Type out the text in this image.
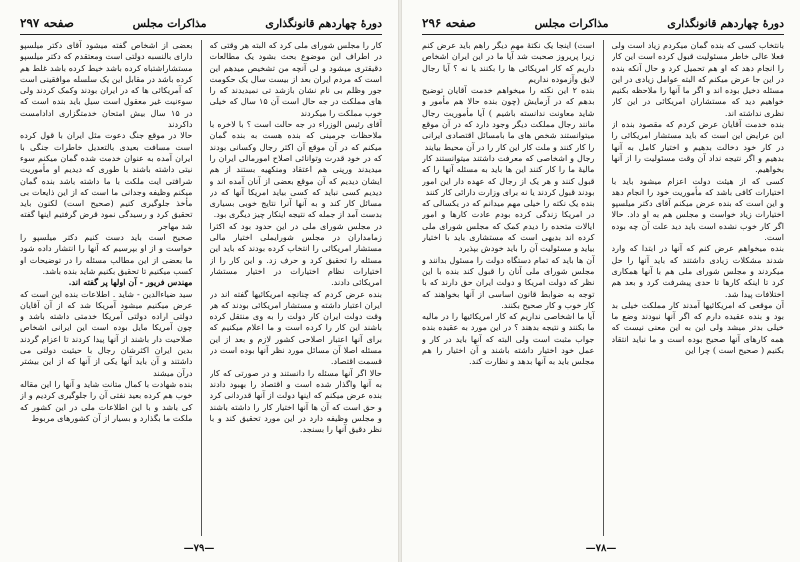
صفحه ۲۹۷	مذاکرات مجلس	دورهٔ چهاردهم قانونگذاری

کار را مجلس شورای ملی کرد که البته هر وقتی که در اطراف این موضوع بحث بشود یک مطالعات دقیقتری میشود و لی آنچه من تشخیص میدهم این است که مردم ایران بعد از بیست سال یک حکومت جور وظلم بی نام نشان بازشد تی نمیدیدند که را های مملکت در جه حال است آن ۱۵ سال که خیلی خوب مملکت را میکردند

آقای رئیس الوزراء در جه حالت است ؟ با لاخره با ملاحظات جرمینی که بنده هست به بنده گمان میکنم که در آن موقع آن اکثر رجال وکسانی بودند که در خود قدرت وتوانائی اصلاح امورمالی ایران را میدیدند ورپنی هم اعتقاد ومنکهیه بستند از هم ایشان دیدیم که آن موقع بعضی از آنان آمده اند و دیدیم کسی نباید که کسی بیاید امریکا آنها که در مسائل کار کند و به آنها آنرا نتایج خوبی بسیاری بدست آمد از جمله که نتیجه اینکار چیز دیگری بود.

در مجلس شورای ملی در این حدود بود که اکثرا زمامداران در مجلس شورایملی اختیار مالی مستشار امریکائی را انتخاب کرده بودند که باید این مسئله را تحقیق کرد و حرف زد. و این کار را از اختیارات نظام اختیارات در اختیار مستشار امریکائی دادند.

بنده عرض کردم که چنانچه امریکائیها گفته اند در ایران اعتبار داشته و مستشار امریکائی بودند که هر وقت دولت ایران کار دولت را به وی منتقل کرده باشند این کار را کرده است و ما اعلام میکنیم که برای آنها اعتبار اصلاحی کشور لازم و بعد از این مسئله اصلا آن مسائل مورد نظر آنها بوده است در قسمت اقتصاد.

حالا اگر آنها مسئله را دانستند و در صورتی که کار به آنها واگذار شده است و اقتصاد را بهبود دادند بنده عرض میکنم که اینها دولت از آنها قدردانی کرد و حق است که آن ها آنها اختیار کار را داشته باشند و مجلس وظیفه دارد در این مورد تحقیق کند و با نظر دقیق آنها را بسنجد.

بعضی از اشخاص گفته میشود آقای دکتر میلسپو دارای بالنسبه دولتی است ومعتقدم که دکتر میلسپو مستشاراشتباه کرده باشد خیط کرده باشد غلط هم کرده باشد در مقابل این یک سلسله موافقینی است که آمریکائی ها که در ایران بودند وکمک کردند ولی سوءنیت غیر معقول است سیل باید بنده است که در ۱۵ سال بیش امتحان خدمتگزاری ادادامست داکردند

حالا در موقع جنگ دعوت مثل ایران با قول کرده است مسافت بعیدی بالتعدیل خاطرات جنگی با ایران آمده به عنوان خدمت شده گمان میکنم سوء نیتی داشته باشند با طوری که دیدیم او مأموریت شرافتی ایت ملکت با ما داشته باشد بنده گمان میکنم وظیفه وجدانی ما است که از این ذایعات بی مأخذ جلوگیری کنیم (صحیح است) لکنون باید تحقیق کرد و رسیدگی نمود قرض گرفتیم اینها گفته شد مهاجر

صحیح است باید دست کنیم دکتر میلسپو را خواست و از او بپرسیم که آنها را انتشار داده شود ما بعضی از این مطالب مسئله را در توضیحات او کسب میکنیم تا تحقیق بکنیم شاید بنده باشد.

مهندس فریور - آن اولها پر گفته اند.

سید ضیاءالدین - شاید . اطلاعات بنده این است که عرض میکنیم میشود آمریکا شد که از آن آقایان دولتی اراده دولتی آمریکا خدمتی داشته باشد و چون آمریکا مایل بوده است این ایرانی اشخاص صلاحیت دار باشند از آنها پیدا کردند تا اعزام گردند بدین ایران اکثرشان رجال با حیثیت دولتی می داشتند و آن باید آنها یکی از آنها که از این بیشتر درآن میشند

بنده شهادت با کمال متانت شاید و آنها را این مقاله خوب هم کرده بعید نفتی آن را جلوگیری کردیم و از کی باشد و با این اطلاعات ملی در این کشور که ملکت ما بگذارد و بسیار از آن کشورهای مربوط

—۷۹—
صفحه ۲۹۶	مذاکرات مجلس	دورهٔ چهاردهم قانونگذاری

بانتخاب کسی که بنده گمان میکردم زیاد است ولی فعلا عالی خاطر مسئولیت قبول کرده است این کار را انجام دهد که او هم تحمیل کرد و حال آنکه بنده در این جا عرض میکنم که البته عوامل زیادی در این مسئله دخیل بوده اند و اگر ما آنها را ملاحظه بکنیم خواهیم دید که مستشاران امریکائی در این کار نظری نداشته اند.

بنده خدمت آقایان عرض کردم که مقصود بنده از این عرایض این است که باید مستشار امریکائی را در کار خود دخالت بدهیم و اختیار کامل به آنها بدهیم و اگر نتیجه نداد آن وقت مسئولیت را از آنها بخواهیم.

کسی که از هیئت دولت اعزام میشود باید با اختیارات کافی باشد که مأموریت خود را انجام دهد و این است که بنده عرض میکنم آقای دکتر میلسپو اختیارات زیاد خواست و مجلس هم به او داد. حالا اگر کار خوب نشده است باید دید علت آن چه بوده است.

بنده میخواهم عرض کنم که آنها در ابتدا که وارد شدند مشکلات زیادی داشتند که باید آنها را حل میکردند و مجلس شورای ملی هم با آنها همکاری کرد تا اینکه کارها تا حدی پیشرفت کرد و بعد هم اختلافات پیدا شد.

آن موقعی که امریکائیها آمدند کار مملکت خیلی بد بود و بنده عقیده دارم که اگر آنها نبودند وضع ما خیلی بدتر میشد ولی این به این معنی نیست که همه کارهای آنها صحیح بوده است و ما نباید انتقاد بکنیم ( صحیح است ) چرا این

است) اینجا یک نکتهٔ مهم دیگر راهم باید عرض کنم زیرا پریروز صحبت شد آیا ما در این ایران اشخاص داریم که کار امریکائی ها را بکنند یا نه ؟ آیا رجال لایق وآزموده نداریم

بنده ۲ این نکته را میخواهم خدمت آقایان توضیح بدهم که در آزمایش (چون بنده حالا هم مأمور و شاید معاونت ندانسته باشیم ) آیا مأموریت رجال مانند رجال مملکت دیگر وجود دارد که در آن موقع میتوانستند شخص های ما بامسائل اقتصادی ایرانی را کار کنند و ملت کار این کار را در آن محیط بیایند

رجال و اشخاصی که معرفت داشتند میتوانستند کار مالیهٔ ما را کار کنند این ها باید به مسئله آنها را که قبول کنند و هر یک از رجال که عهده دار این امور بودند قبول کردند یا نه برای وزارت دارائی کار کنند

بنده یک نکته را خیلی مهم میدانم که در یکسالی که در امریکا زندگی کرده بودم عادت کارها و امور ایالات متحده را دیدم کمک که مجلس شورای ملی کرده اند بدیهی است که مستشاری باید با اختیار بیاید و مسئولیت آن را باید خودش بپذیرد

آن ها باید که تمام دستگاه دولت را مسئول بدانند و مجلس شورای ملی آنان را قبول کند بنده با این نظر که دولت امریکا و دولت ایران حق دارند که با توجه به ضوابط قانون اساسی از آنها بخواهند که کار خوب و کار صحیح بکنند.

آیا ما اشخاصی نداریم که کار امریکائیها را در مالیه ما بکنند و نتیجه بدهند ؟ در این مورد به عقیده بنده جواب مثبت است ولی البته که آنها باید در کار و عمل خود اختیار داشته باشند و آن اختیار را هم مجلس باید به آنها بدهد و نظارت کند.

—۷۸—
